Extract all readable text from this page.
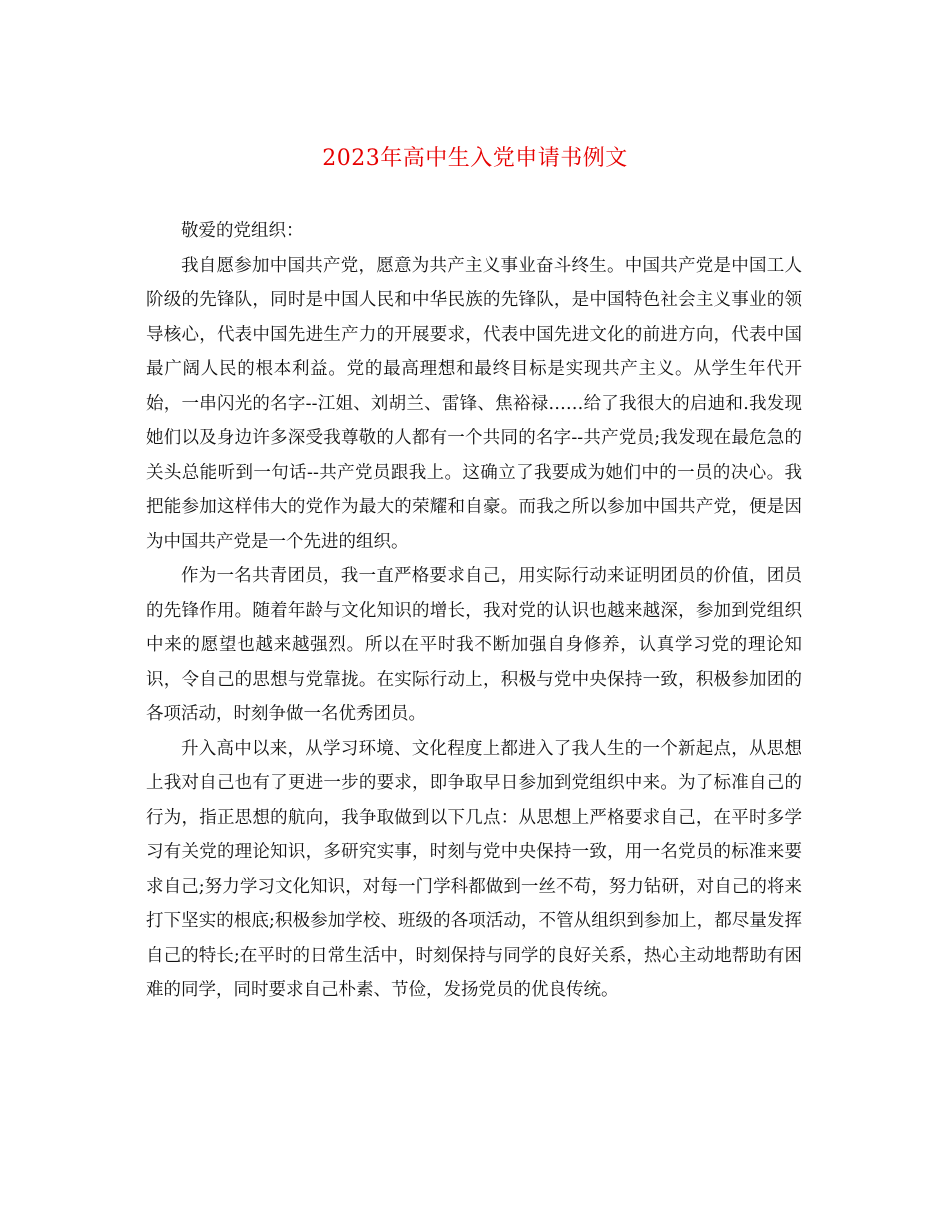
2023年高中生入党申请书例文

敬爱的党组织：

我自愿参加中国共产党，愿意为共产主义事业奋斗终生。中国共产党是中国工人阶级的先锋队，同时是中国人民和中华民族的先锋队，是中国特色社会主义事业的领导核心，代表中国先进生产力的开展要求，代表中国先进文化的前进方向，代表中国最广阔人民的根本利益。党的最高理想和最终目标是实现共产主义。从学生年代开始，一串闪光的名字--江姐、刘胡兰、雷锋、焦裕禄……给了我很大的启迪和.我发现她们以及身边许多深受我尊敬的人都有一个共同的名字--共产党员;我发现在最危急的关头总能听到一句话--共产党员跟我上。这确立了我要成为她们中的一员的决心。我把能参加这样伟大的党作为最大的荣耀和自豪。而我之所以参加中国共产党，便是因为中国共产党是一个先进的组织。

作为一名共青团员，我一直严格要求自己，用实际行动来证明团员的价值，团员的先锋作用。随着年龄与文化知识的增长，我对党的认识也越来越深，参加到党组织中来的愿望也越来越强烈。所以在平时我不断加强自身修养，认真学习党的理论知识，令自己的思想与党靠拢。在实际行动上，积极与党中央保持一致，积极参加团的各项活动，时刻争做一名优秀团员。

升入高中以来，从学习环境、文化程度上都进入了我人生的一个新起点，从思想上我对自己也有了更进一步的要求，即争取早日参加到党组织中来。为了标准自己的行为，指正思想的航向，我争取做到以下几点：从思想上严格要求自己，在平时多学习有关党的理论知识，多研究实事，时刻与党中央保持一致，用一名党员的标准来要求自己;努力学习文化知识，对每一门学科都做到一丝不苟，努力钻研，对自己的将来打下坚实的根底;积极参加学校、班级的各项活动，不管从组织到参加上，都尽量发挥自己的特长;在平时的日常生活中，时刻保持与同学的良好关系，热心主动地帮助有困难的同学，同时要求自己朴素、节俭，发扬党员的优良传统。
